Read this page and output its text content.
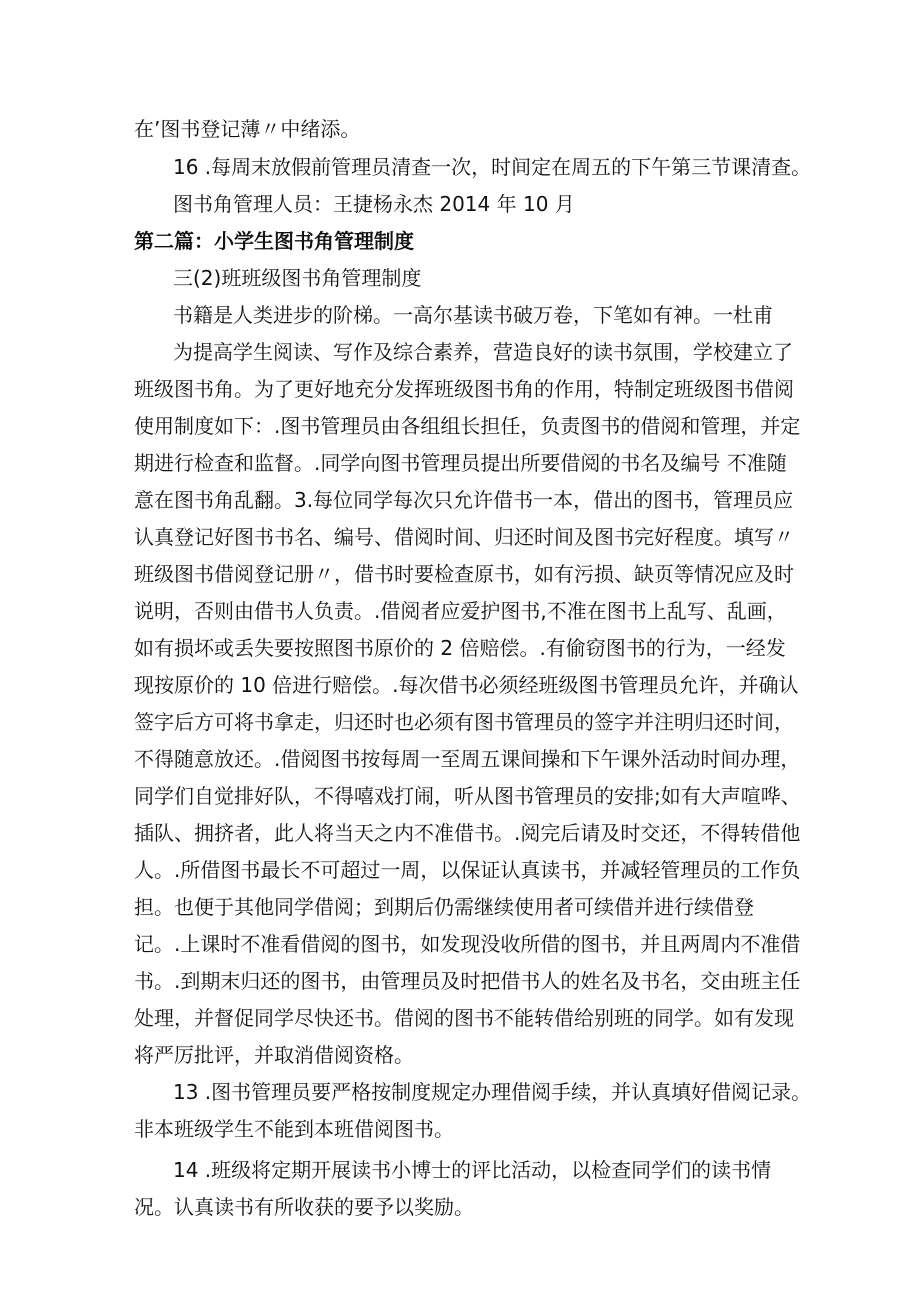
在’图书登记薄〃中绪添。
16 .每周末放假前管理员清查一次，时间定在周五的下午第三节课清查。
图书角管理人员：王捷杨永杰 2014 年 10 月
第二篇：小学生图书角管理制度
三(2)班班级图书角管理制度
书籍是人类进步的阶梯。一高尔基读书破万卷，下笔如有神。一杜甫
为提高学生阅读、写作及综合素养，营造良好的读书氛围，学校建立了
班级图书角。为了更好地充分发挥班级图书角的作用，特制定班级图书借阅
使用制度如下：.图书管理员由各组组长担任，负责图书的借阅和管理，并定
期进行检查和监督。.同学向图书管理员提出所要借阅的书名及编号 不准随
意在图书角乱翻。3.每位同学每次只允许借书一本，借出的图书，管理员应
认真登记好图书书名、编号、借阅时间、归还时间及图书完好程度。填写〃
班级图书借阅登记册〃，借书时要检查原书，如有污损、缺页等情况应及时
说明，否则由借书人负责。.借阅者应爱护图书,不准在图书上乱写、乱画，
如有损坏或丢失要按照图书原价的 2 倍赔偿。.有偷窃图书的行为，一经发
现按原价的 10 倍进行赔偿。.每次借书必须经班级图书管理员允许，并确认
签字后方可将书拿走，归还时也必须有图书管理员的签字并注明归还时间，
不得随意放还。.借阅图书按每周一至周五课间操和下午课外活动时间办理，
同学们自觉排好队，不得嘻戏打闹，听从图书管理员的安排;如有大声喧哗、
插队、拥挤者，此人将当天之内不准借书。.阅完后请及时交还，不得转借他
人。.所借图书最长不可超过一周，以保证认真读书，并减轻管理员的工作负
担。也便于其他同学借阅；到期后仍需继续使用者可续借并进行续借登
记。.上课时不准看借阅的图书，如发现没收所借的图书，并且两周内不准借
书。.到期末归还的图书，由管理员及时把借书人的姓名及书名，交由班主任
处理，并督促同学尽快还书。借阅的图书不能转借给别班的同学。如有发现
将严厉批评，并取消借阅资格。
13 .图书管理员要严格按制度规定办理借阅手续，并认真填好借阅记录。
非本班级学生不能到本班借阅图书。
14 .班级将定期开展读书小博士的评比活动，以检查同学们的读书情
况。认真读书有所收获的要予以奖励。
